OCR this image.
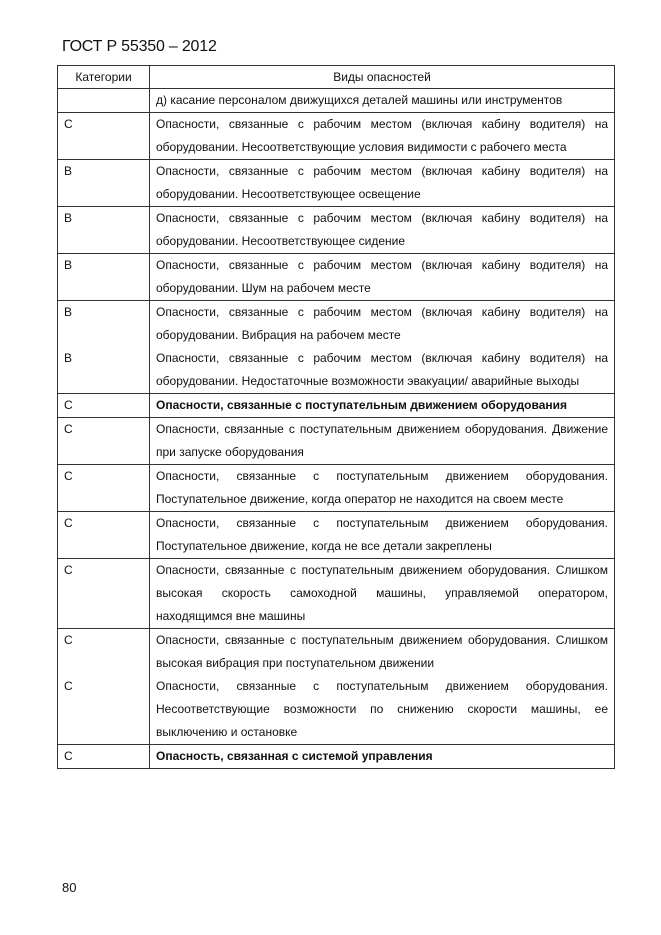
ГОСТ Р 55350 – 2012
Категории	Виды опасностей
	д) касание персоналом движущихся деталей машины или инструментов
C	Опасности, связанные с рабочим местом (включая кабину водителя) на оборудовании. Несоответствующие условия видимости с рабочего места
B	Опасности, связанные с рабочим местом (включая кабину водителя) на оборудовании. Несоответствующее освещение
B	Опасности, связанные с рабочим местом (включая кабину водителя) на оборудовании. Несоответствующее сидение
B	Опасности, связанные с рабочим местом (включая кабину водителя) на оборудовании. Шум на рабочем месте
B	Опасности, связанные с рабочим местом (включая кабину водителя) на оборудовании. Вибрация на рабочем месте
B	Опасности, связанные с рабочим местом (включая кабину водителя) на оборудовании. Недостаточные возможности эвакуации/ аварийные выходы
C	Опасности, связанные с поступательным движением оборудования
C	Опасности, связанные с поступательным движением оборудования. Движение при запуске оборудования
C	Опасности, связанные с поступательным движением оборудования. Поступательное движение, когда оператор не находится на своем месте
C	Опасности, связанные с поступательным движением оборудования. Поступательное движение, когда не все детали закреплены
C	Опасности, связанные с поступательным движением оборудования. Слишком высокая скорость самоходной машины, управляемой оператором, находящимся вне машины
C	Опасности, связанные с поступательным движением оборудования. Слишком высокая вибрация при поступательном движении
C	Опасности, связанные с поступательным движением оборудования. Несоответствующие возможности по снижению скорости машины, ее выключению и остановке
C	Опасность, связанная с системой управления
80
